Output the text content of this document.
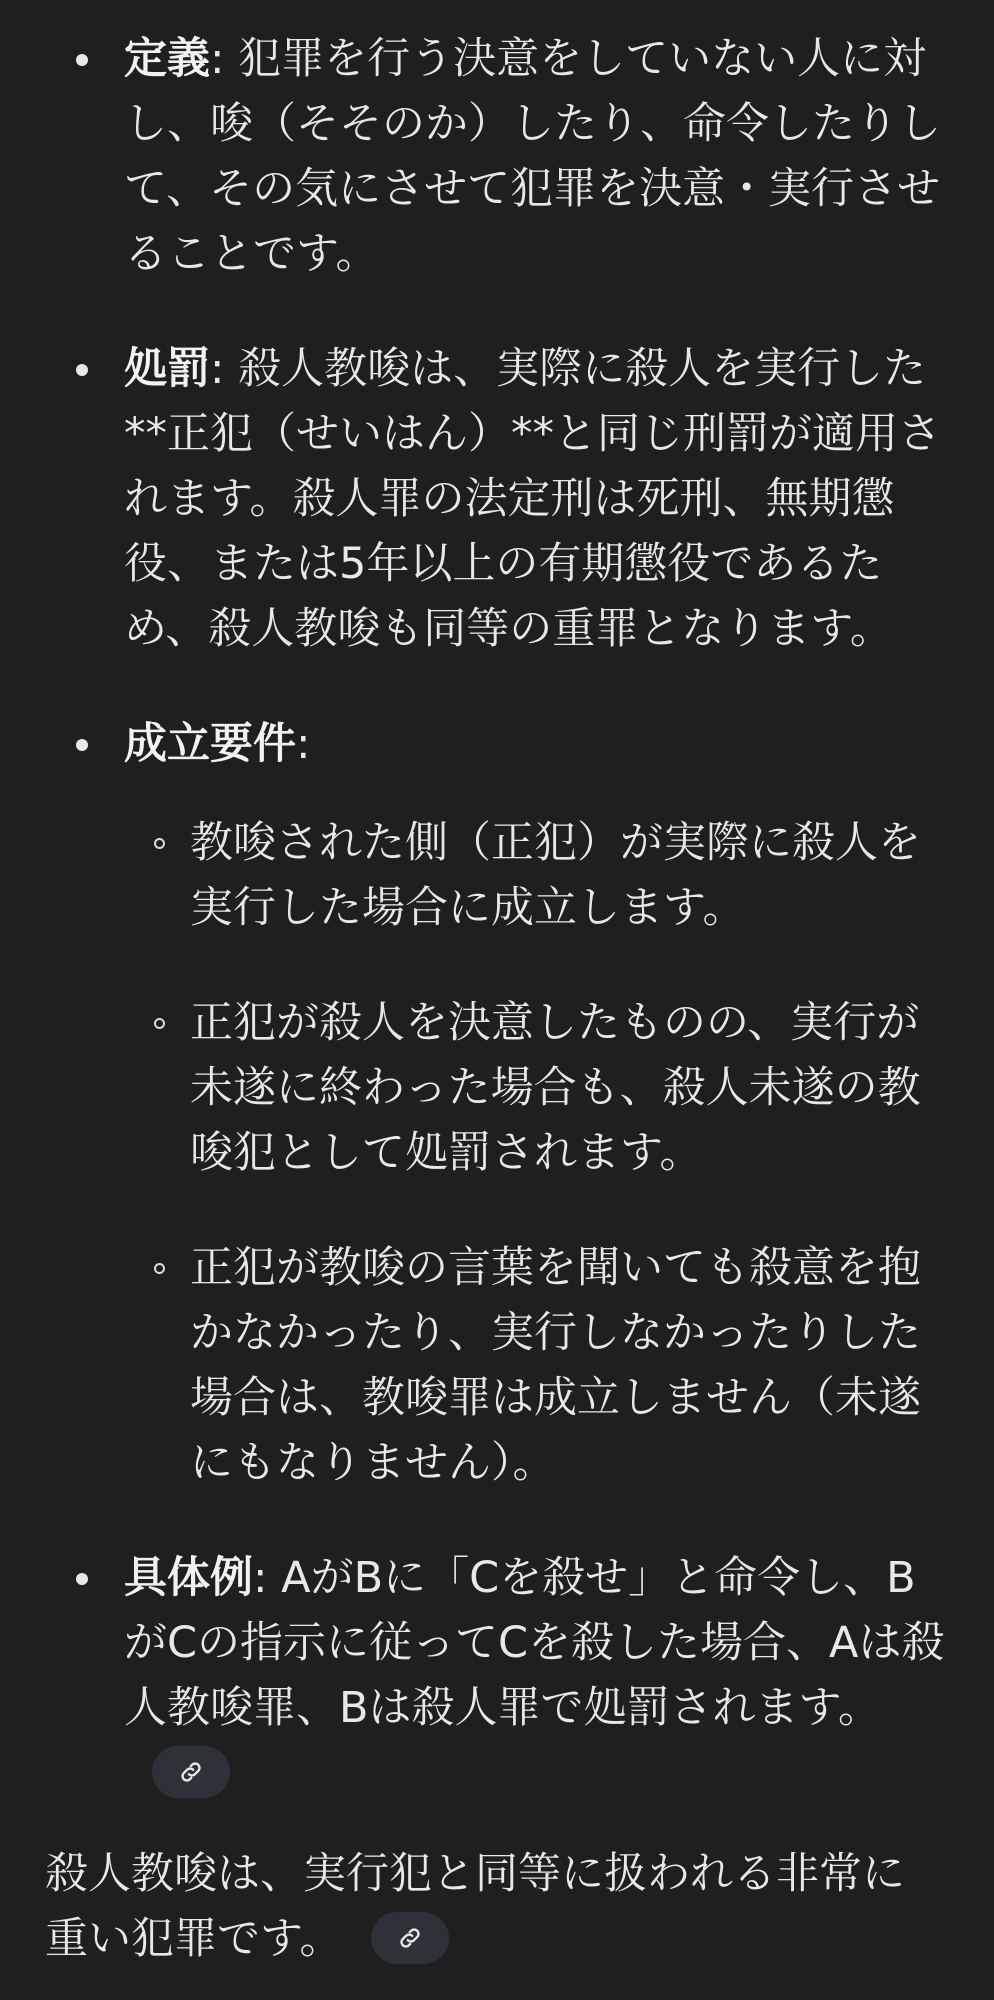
定義: 犯罪を行う決意をしていない人に対し、唆（そそのか）したり、命令したりして、その気にさせて犯罪を決意・実行させることです。
処罰: 殺人教唆は、実際に殺人を実行した**正犯（せいはん）**と同じ刑罰が適用されます。殺人罪の法定刑は死刑、無期懲役、または5年以上の有期懲役であるため、殺人教唆も同等の重罪となります。
成立要件:
教唆された側（正犯）が実際に殺人を実行した場合に成立します。
正犯が殺人を決意したものの、実行が未遂に終わった場合も、殺人未遂の教唆犯として処罰されます。
正犯が教唆の言葉を聞いても殺意を抱かなかったり、実行しなかったりした場合は、教唆罪は成立しません（未遂にもなりません）。
具体例: AがBに「Cを殺せ」と命令し、BがCの指示に従ってCを殺した場合、Aは殺人教唆罪、Bは殺人罪で処罰されます。

殺人教唆は、実行犯と同等に扱われる非常に重い犯罪です。
